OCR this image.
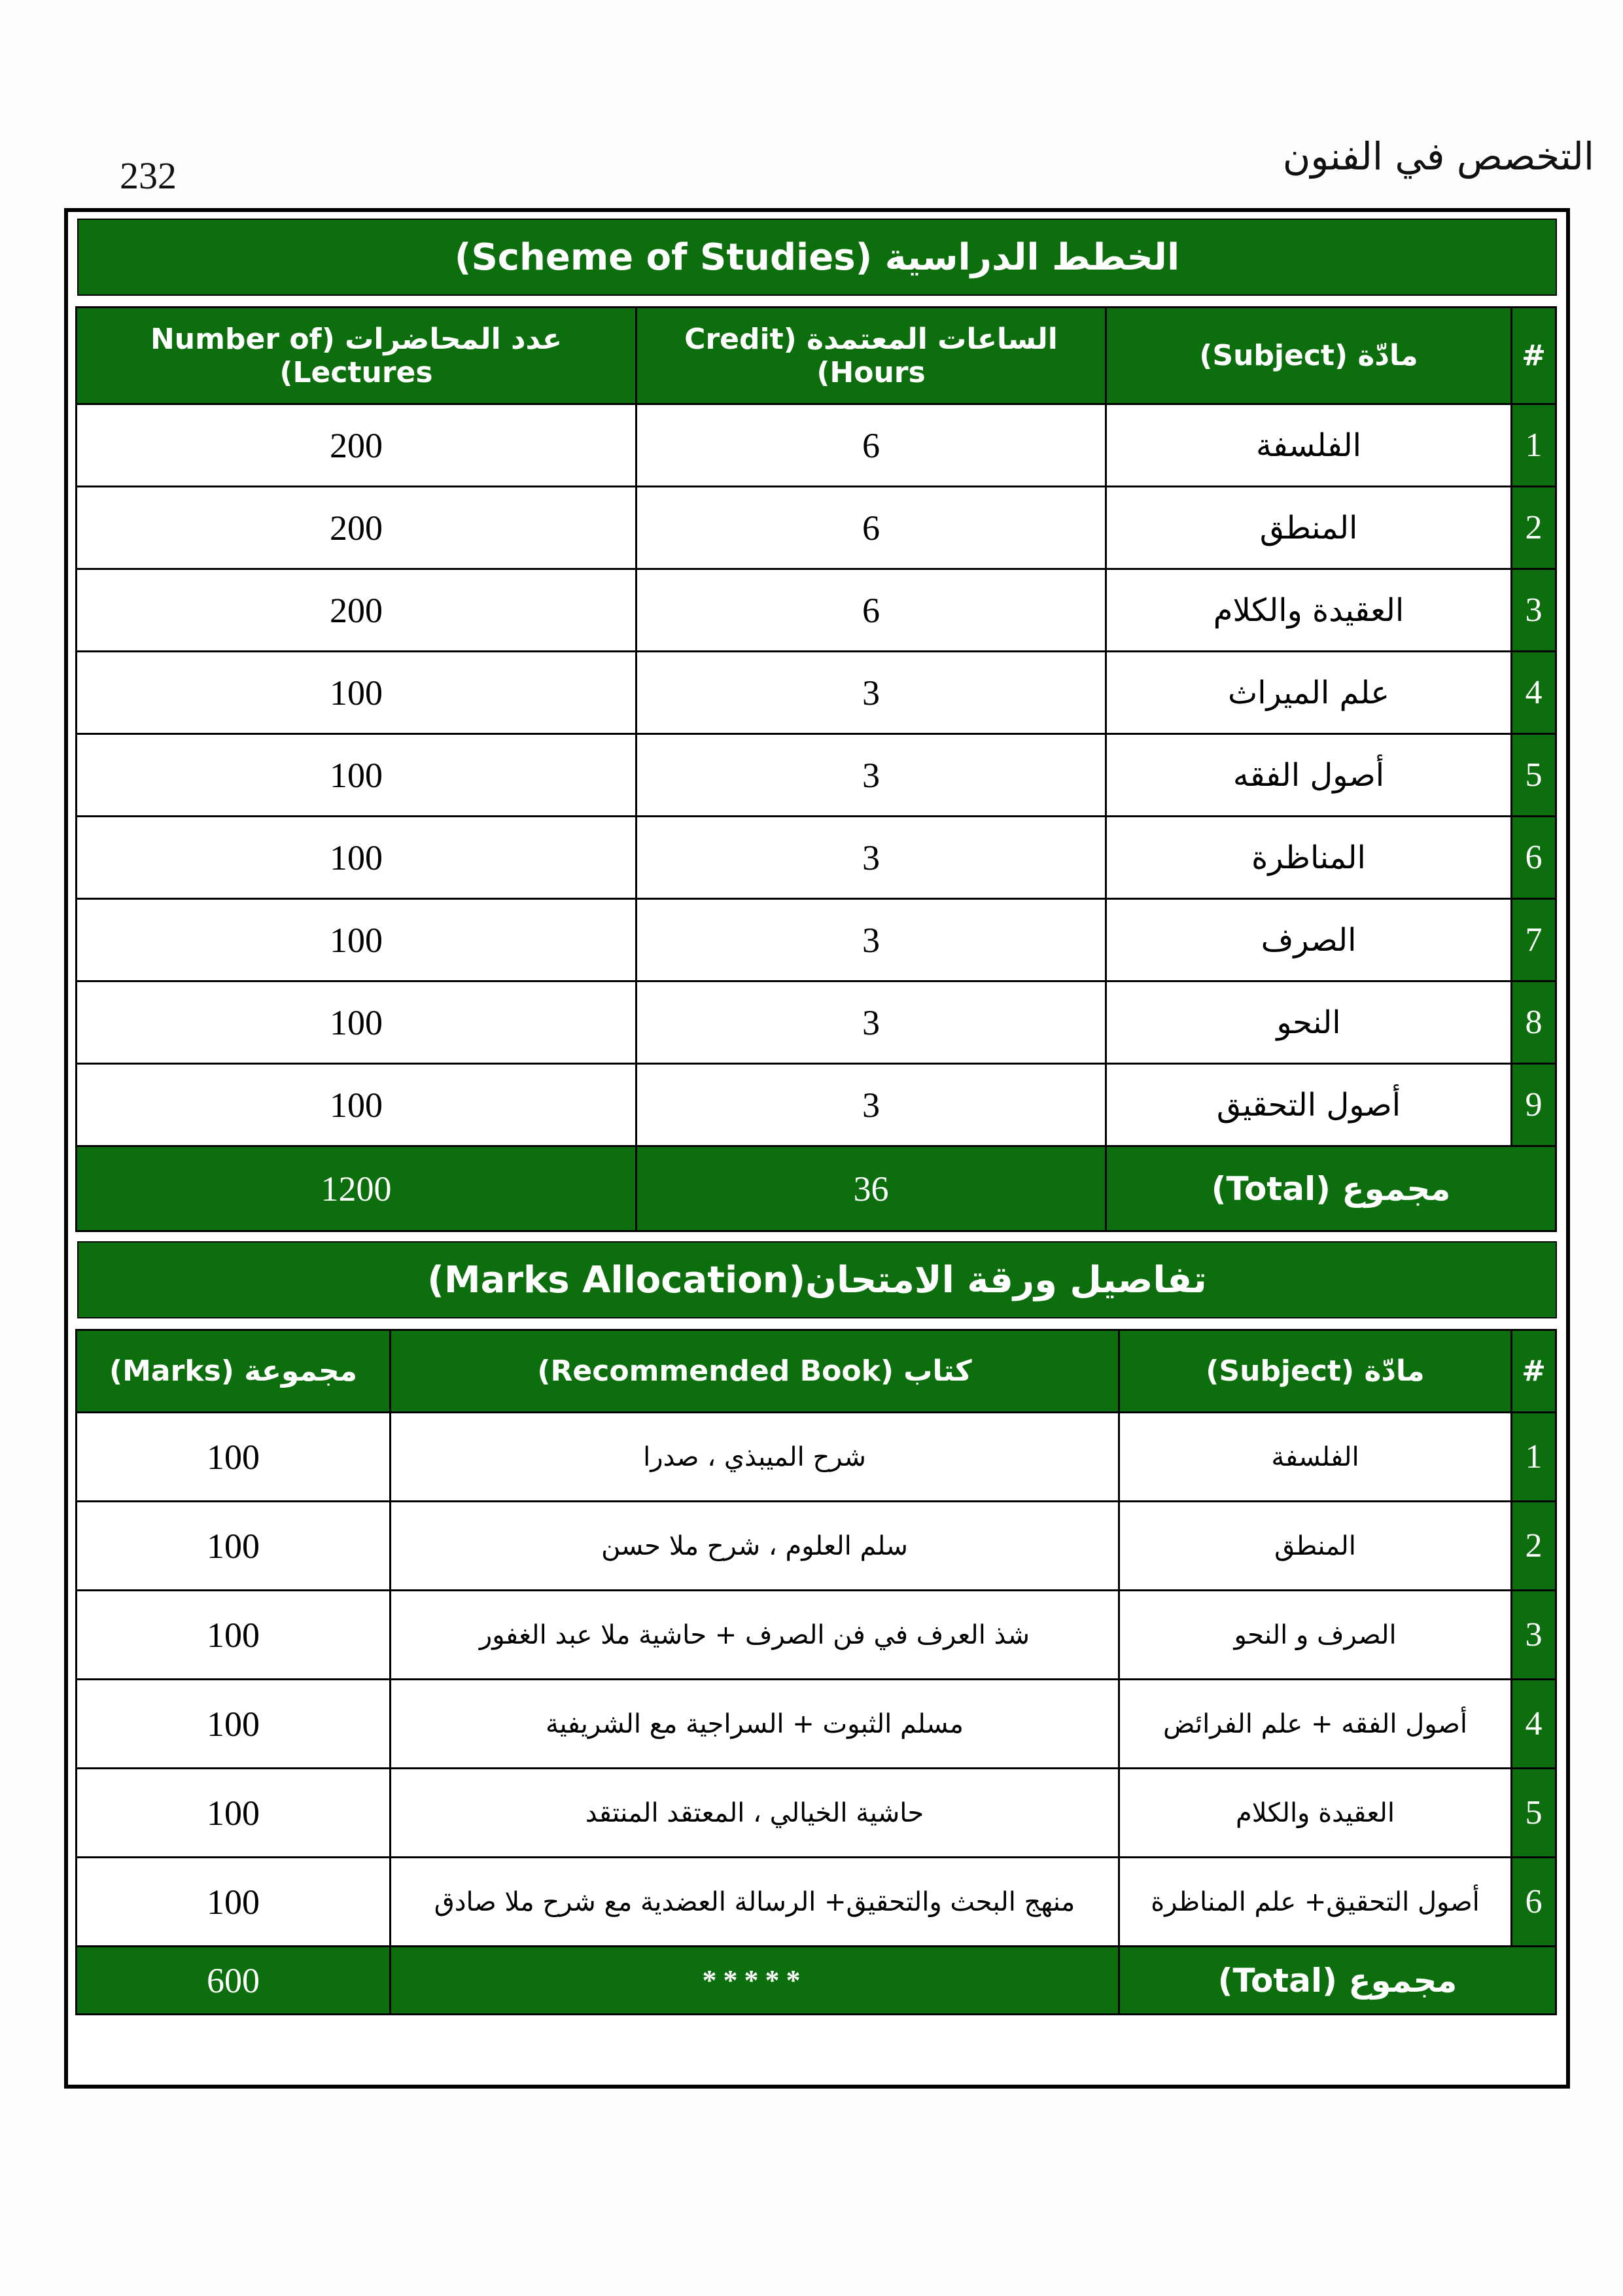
232	التخصص في الفنون
الخطط الدراسية (Scheme of Studies)
#	مادّة (Subject)	الساعات المعتمدة (Credit Hours)	عدد المحاضرات (Number of Lectures)
1	الفلسفة	6	200
2	المنطق	6	200
3	العقيدة والكلام	6	200
4	علم الميراث	3	100
5	أصول الفقه	3	100
6	المناظرة	3	100
7	الصرف	3	100
8	النحو	3	100
9	أصول التحقيق	3	100
مجموع (Total)		36	1200
تفاصيل ورقة الامتحان(Marks Allocation)
#	مادّة (Subject)	كتاب (Recommended Book)	مجموعة (Marks)
1	الفلسفة	شرح الميبذي ، صدرا	100
2	المنطق	سلم العلوم ، شرح ملا حسن	100
3	الصرف و النحو	شذ العرف في فن الصرف + حاشية ملا عبد الغفور	100
4	أصول الفقه + علم الفرائض	مسلم الثبوت + السراجية مع الشريفية	100
5	العقيدة والكلام	حاشية الخيالي ، المعتقد المنتقد	100
6	أصول التحقيق+ علم المناظرة	منهج البحث والتحقيق+ الرسالة العضدية مع شرح ملا صادق	100
مجموع (Total)		*****	600
